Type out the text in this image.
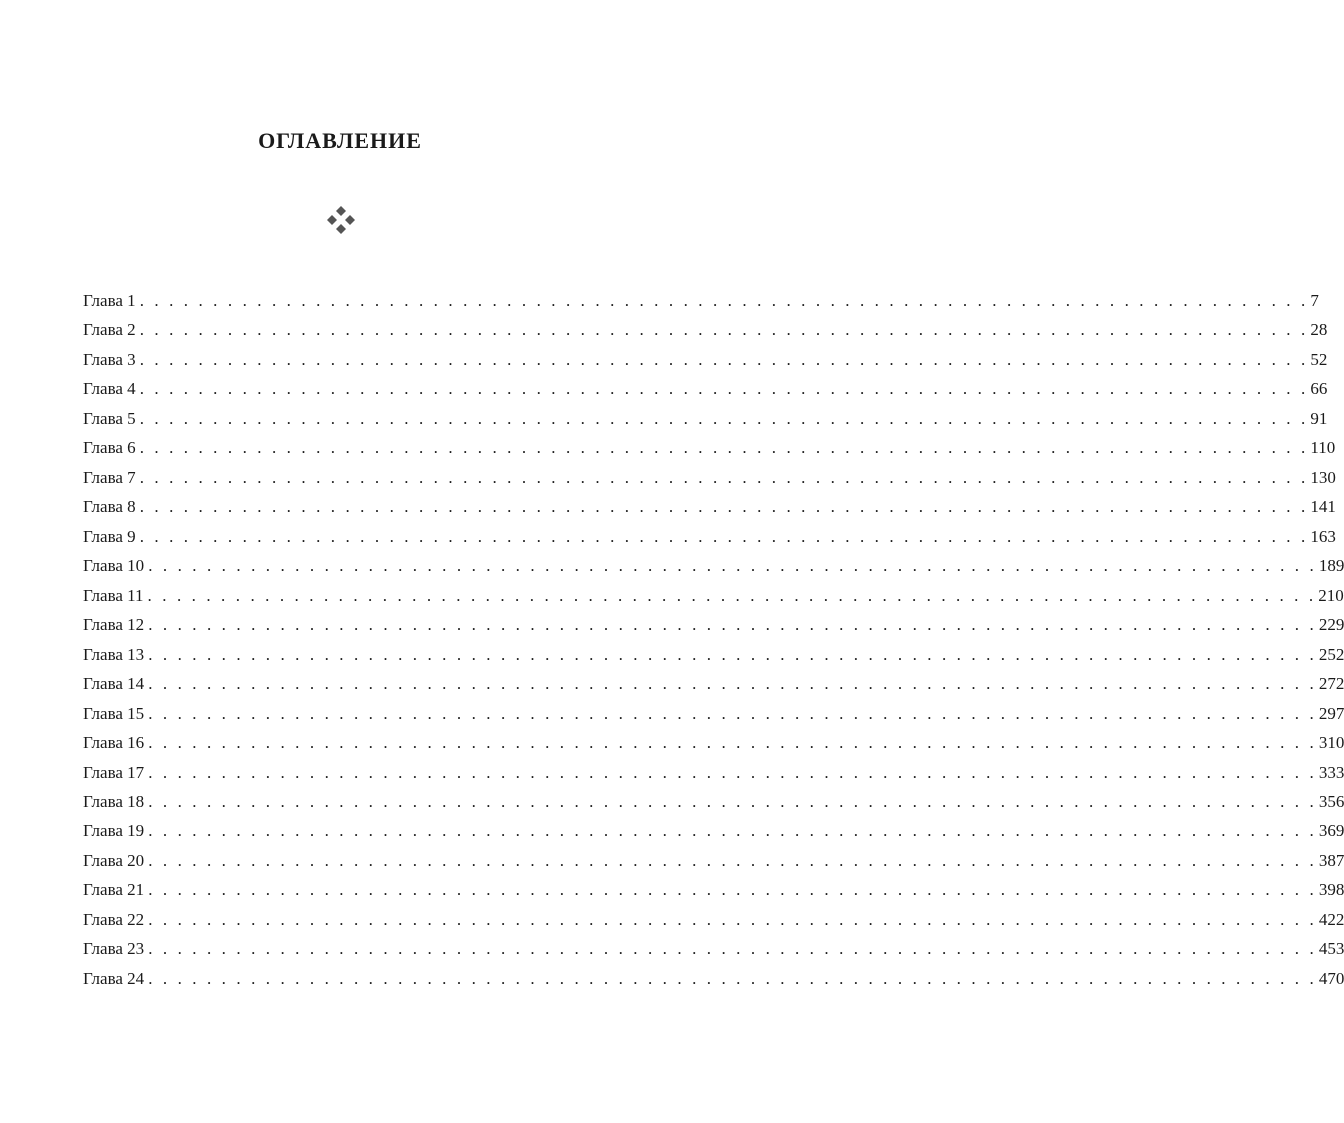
ОГЛАВЛЕНИЕ
Глава 1 . . . . . . . . . . . . . . . . . . . . . . . . . . . . . . . . . . . . . . . . . . . . . . . . . . . . . . . . . . . . . . . . . . . . . . . . . . . . . . . . 7
Глава 2 . . . . . . . . . . . . . . . . . . . . . . . . . . . . . . . . . . . . . . . . . . . . . . . . . . . . . . . . . . . . . . . . . . . . . . . . . . . . . . . . 28
Глава 3 . . . . . . . . . . . . . . . . . . . . . . . . . . . . . . . . . . . . . . . . . . . . . . . . . . . . . . . . . . . . . . . . . . . . . . . . . . . . . . . . 52
Глава 4 . . . . . . . . . . . . . . . . . . . . . . . . . . . . . . . . . . . . . . . . . . . . . . . . . . . . . . . . . . . . . . . . . . . . . . . . . . . . . . . . 66
Глава 5 . . . . . . . . . . . . . . . . . . . . . . . . . . . . . . . . . . . . . . . . . . . . . . . . . . . . . . . . . . . . . . . . . . . . . . . . . . . . . . . . 91
Глава 6 . . . . . . . . . . . . . . . . . . . . . . . . . . . . . . . . . . . . . . . . . . . . . . . . . . . . . . . . . . . . . . . . . . . . . . . . . . . . . . . . 110
Глава 7 . . . . . . . . . . . . . . . . . . . . . . . . . . . . . . . . . . . . . . . . . . . . . . . . . . . . . . . . . . . . . . . . . . . . . . . . . . . . . . . . 130
Глава 8 . . . . . . . . . . . . . . . . . . . . . . . . . . . . . . . . . . . . . . . . . . . . . . . . . . . . . . . . . . . . . . . . . . . . . . . . . . . . . . . . 141
Глава 9 . . . . . . . . . . . . . . . . . . . . . . . . . . . . . . . . . . . . . . . . . . . . . . . . . . . . . . . . . . . . . . . . . . . . . . . . . . . . . . . . 163
Глава 10 . . . . . . . . . . . . . . . . . . . . . . . . . . . . . . . . . . . . . . . . . . . . . . . . . . . . . . . . . . . . . . . . . . . . . . . . . . . . . . . . 189
Глава 11 . . . . . . . . . . . . . . . . . . . . . . . . . . . . . . . . . . . . . . . . . . . . . . . . . . . . . . . . . . . . . . . . . . . . . . . . . . . . . . . . 210
Глава 12 . . . . . . . . . . . . . . . . . . . . . . . . . . . . . . . . . . . . . . . . . . . . . . . . . . . . . . . . . . . . . . . . . . . . . . . . . . . . . . . . 229
Глава 13 . . . . . . . . . . . . . . . . . . . . . . . . . . . . . . . . . . . . . . . . . . . . . . . . . . . . . . . . . . . . . . . . . . . . . . . . . . . . . . . . 252
Глава 14 . . . . . . . . . . . . . . . . . . . . . . . . . . . . . . . . . . . . . . . . . . . . . . . . . . . . . . . . . . . . . . . . . . . . . . . . . . . . . . . . 272
Глава 15 . . . . . . . . . . . . . . . . . . . . . . . . . . . . . . . . . . . . . . . . . . . . . . . . . . . . . . . . . . . . . . . . . . . . . . . . . . . . . . . . 297
Глава 16 . . . . . . . . . . . . . . . . . . . . . . . . . . . . . . . . . . . . . . . . . . . . . . . . . . . . . . . . . . . . . . . . . . . . . . . . . . . . . . . . 310
Глава 17 . . . . . . . . . . . . . . . . . . . . . . . . . . . . . . . . . . . . . . . . . . . . . . . . . . . . . . . . . . . . . . . . . . . . . . . . . . . . . . . . 333
Глава 18 . . . . . . . . . . . . . . . . . . . . . . . . . . . . . . . . . . . . . . . . . . . . . . . . . . . . . . . . . . . . . . . . . . . . . . . . . . . . . . . . 356
Глава 19 . . . . . . . . . . . . . . . . . . . . . . . . . . . . . . . . . . . . . . . . . . . . . . . . . . . . . . . . . . . . . . . . . . . . . . . . . . . . . . . . 369
Глава 20 . . . . . . . . . . . . . . . . . . . . . . . . . . . . . . . . . . . . . . . . . . . . . . . . . . . . . . . . . . . . . . . . . . . . . . . . . . . . . . . . 387
Глава 21 . . . . . . . . . . . . . . . . . . . . . . . . . . . . . . . . . . . . . . . . . . . . . . . . . . . . . . . . . . . . . . . . . . . . . . . . . . . . . . . . 398
Глава 22 . . . . . . . . . . . . . . . . . . . . . . . . . . . . . . . . . . . . . . . . . . . . . . . . . . . . . . . . . . . . . . . . . . . . . . . . . . . . . . . . 422
Глава 23 . . . . . . . . . . . . . . . . . . . . . . . . . . . . . . . . . . . . . . . . . . . . . . . . . . . . . . . . . . . . . . . . . . . . . . . . . . . . . . . . 453
Глава 24 . . . . . . . . . . . . . . . . . . . . . . . . . . . . . . . . . . . . . . . . . . . . . . . . . . . . . . . . . . . . . . . . . . . . . . . . . . . . . . . . 470
